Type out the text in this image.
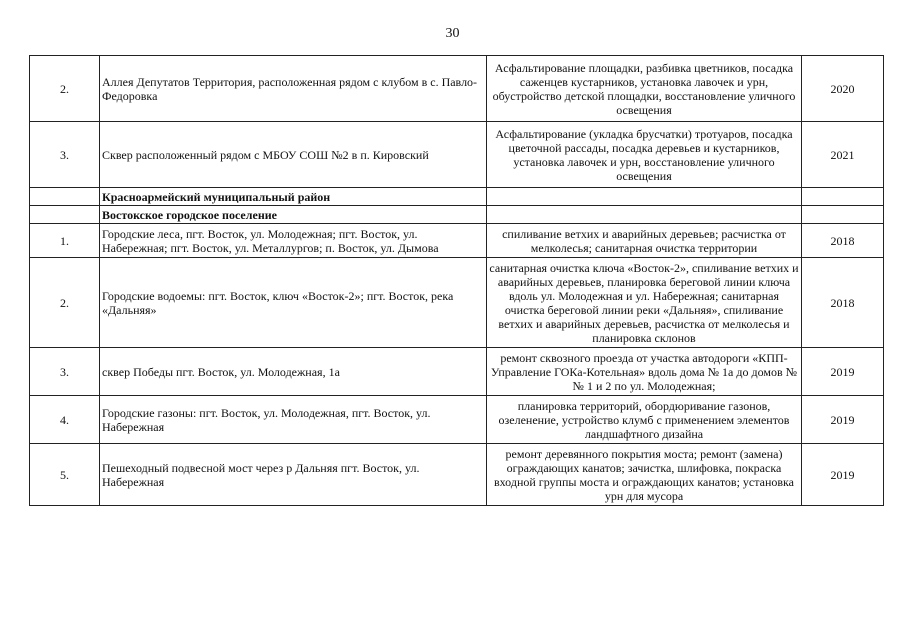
30
2.	Аллея Депутатов Территория, расположенная рядом с клубом в с. Павло-Федоровка	Асфальтирование площадки, разбивка цветников, посадка саженцев кустарников, установка лавочек и урн, обустройство детской площадки, восстановление уличного освещения	2020
3.	Сквер расположенный рядом с МБОУ СОШ №2 в п. Кировский	Асфальтирование (укладка брусчатки) тротуаров, посадка цветочной рассады, посадка деревьев и кустарников, установка лавочек и урн, восстановление уличного освещения	2021
	Красноармейский муниципальный район		
	Востокское городское поселение		
1.	Городские леса, пгт. Восток, ул. Молодежная; пгт. Восток, ул. Набережная; пгт. Восток, ул. Металлургов; п. Восток, ул. Дымова	спиливание ветхих и аварийных деревьев; расчистка от мелколесья; санитарная очистка территории	2018
2.	Городские водоемы: пгт. Восток, ключ «Восток-2»; пгт. Восток, река «Дальняя»	санитарная очистка ключа «Восток-2», спиливание ветхих и аварийных деревьев, планировка береговой линии ключа вдоль ул. Молодежная и ул. Набережная; санитарная очистка береговой линии реки «Дальняя», спиливание ветхих и аварийных деревьев, расчистка от мелколесья и планировка склонов	2018
3.	сквер Победы пгт. Восток, ул. Молодежная, 1а	ремонт сквозного проезда от участка автодороги «КПП-Управление ГОКа-Котельная» вдоль дома № 1а до домов №№ 1 и 2 по ул. Молодежная;	2019
4.	Городские газоны: пгт. Восток, ул. Молодежная, пгт. Восток, ул. Набережная	планировка территорий, обордюривание газонов, озеленение, устройство клумб с применением элементов ландшафтного дизайна	2019
5.	Пешеходный подвесной мост через р Дальняя пгт. Восток, ул. Набережная	ремонт деревянного покрытия моста; ремонт (замена) ограждающих канатов; зачистка, шлифовка, покраска входной группы моста и ограждающих канатов; установка урн для мусора	2019
